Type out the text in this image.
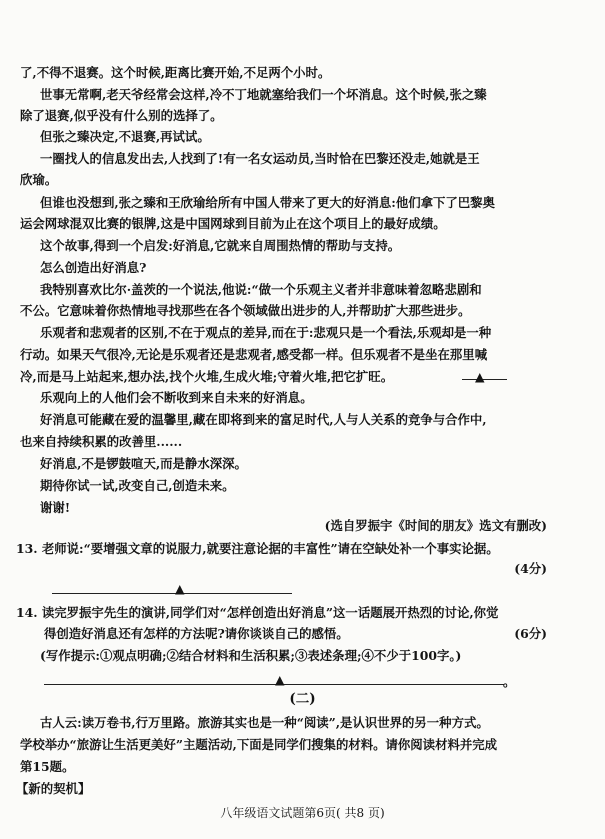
了,不得不退赛。这个时候,距离比赛开始,不足两个小时。

世事无常啊,老天爷经常会这样,冷不丁地就塞给我们一个坏消息。这个时候,张之臻

除了退赛,似乎没有什么别的选择了。

但张之臻决定,不退赛,再试试。

一圈找人的信息发出去,人找到了!有一名女运动员,当时恰在巴黎还没走,她就是王

欣瑜。

但谁也没想到,张之臻和王欣瑜给所有中国人带来了更大的好消息:他们拿下了巴黎奥

运会网球混双比赛的银牌,这是中国网球到目前为止在这个项目上的最好成绩。

这个故事,得到一个启发:好消息,它就来自周围热情的帮助与支持。

怎么创造出好消息?

我特别喜欢比尔·盖茨的一个说法,他说:“做一个乐观主义者并非意味着忽略悲剧和

不公。它意味着你热情地寻找那些在各个领域做出进步的人,并帮助扩大那些进步。

乐观者和悲观者的区别,不在于观点的差异,而在于:悲观只是一个看法,乐观却是一种

行动。如果天气很冷,无论是乐观者还是悲观者,感受都一样。但乐观者不是坐在那里喊

冷,而是马上站起来,想办法,找个火堆,生成火堆;守着火堆,把它扩旺。	▲

乐观向上的人他们会不断收到来自未来的好消息。

好消息可能藏在爱的温馨里,藏在即将到来的富足时代,人与人关系的竞争与合作中,

也来自持续积累的改善里......

好消息,不是锣鼓喧天,而是静水深深。

期待你试一试,改变自己,创造未来。

谢谢!

(选自罗振宇《时间的朋友》选文有删改)

13. 老师说:“要增强文章的说服力,就要注意论据的丰富性”请在空缺处补一个事实论据。

(4分)
▲

14. 读完罗振宇先生的演讲,同学们对“怎样创造出好消息”这一话题展开热烈的讨论,你觉

得创造好消息还有怎样的方法呢?请你谈谈自己的感悟。	(6分)

(写作提示:①观点明确;②结合材料和生活积累;③表述条理;④不少于100字。)

▲	。

(二)

古人云:读万卷书,行万里路。旅游其实也是一种“阅读”,是认识世界的另一种方式。

学校举办“旅游让生活更美好”主题活动,下面是同学们搜集的材料。请你阅读材料并完成

第15题。

【新的契机】

八年级语文试题第6页( 共8 页)
